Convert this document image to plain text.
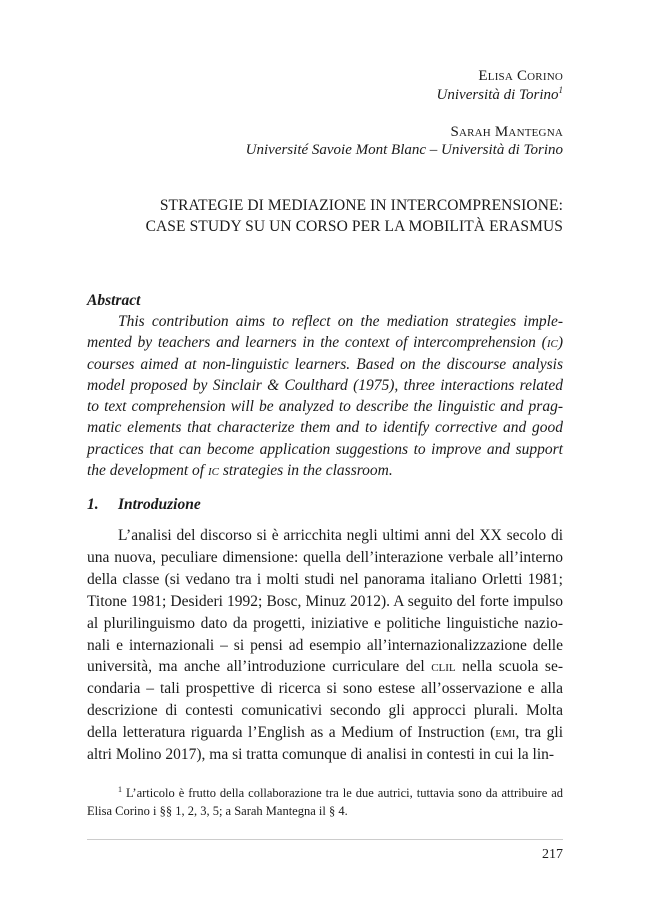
Elisa Corino
Università di Torino$^1$
Sarah Mantegna
Université Savoie Mont Blanc – Università di Torino
STRATEGIE DI MEDIAZIONE IN INTERCOMPRENSIONE:
CASE STUDY SU UN CORSO PER LA MOBILITÀ ERASMUS
Abstract
This contribution aims to reflect on the mediation strategies imple- mented by teachers and learners in the context of intercomprehension (ic) courses aimed at non-linguistic learners. Based on the discourse analysis model proposed by Sinclair & Coulthard (1975), three interactions related to text comprehension will be analyzed to describe the linguistic and prag- matic elements that characterize them and to identify corrective and good practices that can become application suggestions to improve and support the development of ic strategies in the classroom.
1. Introduzione
L’analisi del discorso si è arricchita negli ultimi anni del XX secolo di una nuova, peculiare dimensione: quella dell’interazione verbale all’interno della classe (si vedano tra i molti studi nel panorama italiano Orletti 1981; Titone 1981; Desideri 1992; Bosc, Minuz 2012). A seguito del forte impulso al plurilinguismo dato da progetti, iniziative e politiche linguistiche nazio- nali e internazionali – si pensi ad esempio all’internazionalizzazione delle università, ma anche all’introduzione curriculare del clil nella scuola se- condaria – tali prospettive di ricerca si sono estese all’osservazione e alla descrizione di contesti comunicativi secondo gli approcci plurali. Molta della letteratura riguarda l’English as a Medium of Instruction (emi, tra gli altri Molino 2017), ma si tratta comunque di analisi in contesti in cui la lin-
$^1$ L’articolo è frutto della collaborazione tra le due autrici, tuttavia sono da attribuire ad Elisa Corino i §§ 1, 2, 3, 5; a Sarah Mantegna il § 4.
217
